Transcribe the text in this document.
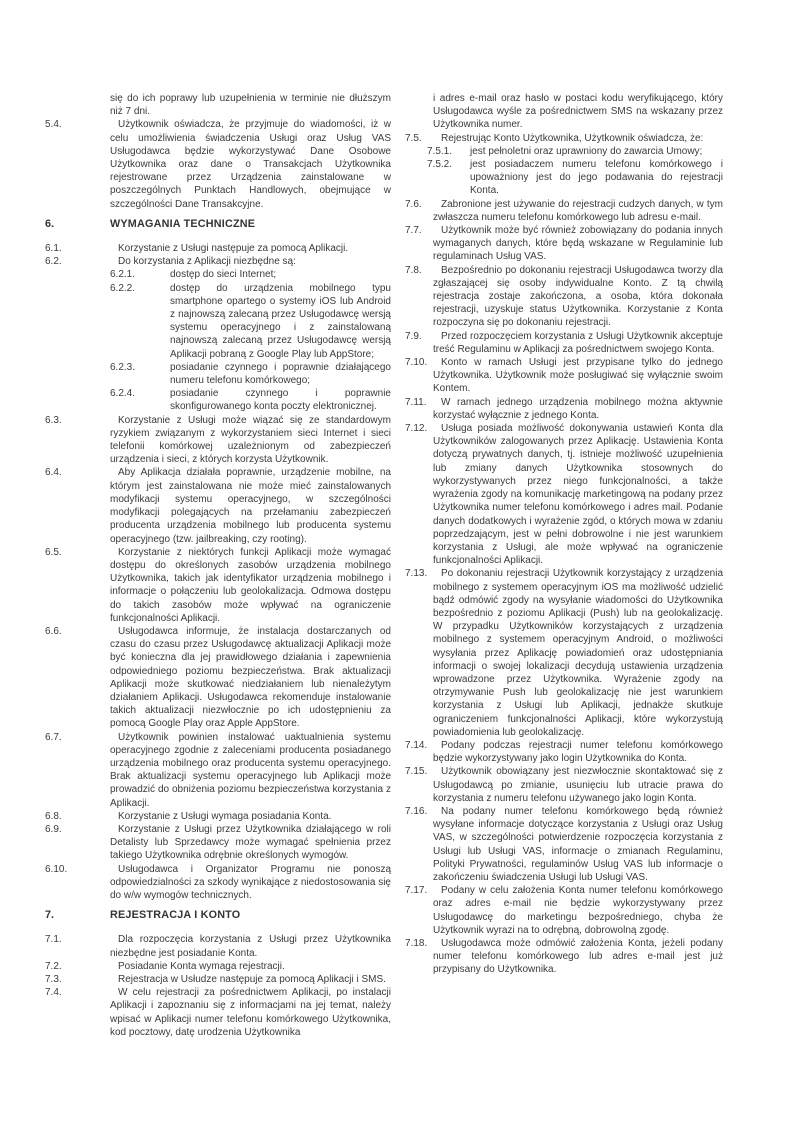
się do ich poprawy lub uzupełnienia w terminie nie dłuższym niż 7 dni.
5.4.	Użytkownik oświadcza, że przyjmuje do wiadomości, iż w celu umożliwienia świadczenia Usługi oraz Usług VAS Usługodawca będzie wykorzystywać Dane Osobowe Użytkownika oraz dane o Transakcjach Użytkownika rejestrowane przez Urządzenia zainstalowane w poszczególnych Punktach Handlowych, obejmujące w szczególności Dane Transakcyjne.
6.	WYMAGANIA TECHNICZNE
6.1.	Korzystanie z Usługi następuje za pomocą Aplikacji.
6.2.	Do korzystania z Aplikacji niezbędne są:
6.2.1.	dostęp do sieci Internet;
6.2.2.	dostęp do urządzenia mobilnego typu smartphone opartego o systemy iOS lub Android z najnowszą zalecaną przez Usługodawcę wersją systemu operacyjnego i z zainstalowaną najnowszą zalecaną przez Usługodawcę wersją Aplikacji pobraną z Google Play lub AppStore;
6.2.3.	posiadanie czynnego i poprawnie działającego numeru telefonu komórkowego;
6.2.4.	posiadanie czynnego i poprawnie skonfigurowanego konta poczty elektronicznej.
6.3.	Korzystanie z Usługi może wiązać się ze standardowym ryzykiem związanym z wykorzystaniem sieci Internet i sieci telefonii komórkowej uzależnionym od zabezpieczeń urządzenia i sieci, z których korzysta Użytkownik.
6.4.	Aby Aplikacja działała poprawnie, urządzenie mobilne, na którym jest zainstalowana nie może mieć zainstalowanych modyfikacji systemu operacyjnego, w szczególności modyfikacji polegających na przełamaniu zabezpieczeń producenta urządzenia mobilnego lub producenta systemu operacyjnego (tzw. jailbreaking, czy rooting).
6.5.	Korzystanie z niektórych funkcji Aplikacji może wymagać dostępu do określonych zasobów urządzenia mobilnego Użytkownika, takich jak identyfikator urządzenia mobilnego i informacje o połączeniu lub geolokalizacja. Odmowa dostępu do takich zasobów może wpływać na ograniczenie funkcjonalności Aplikacji.
6.6.	Usługodawca informuje, że instalacja dostarczanych od czasu do czasu przez Usługodawcę aktualizacji Aplikacji może być konieczna dla jej prawidłowego działania i zapewnienia odpowiedniego poziomu bezpieczeństwa. Brak aktualizacji Aplikacji może skutkować niedziałaniem lub nienależytym działaniem Aplikacji. Usługodawca rekomenduje instalowanie takich aktualizacji niezwłocznie po ich udostępnieniu za pomocą Google Play oraz Apple AppStore.
6.7.	Użytkownik powinien instalować uaktualnienia systemu operacyjnego zgodnie z zaleceniami producenta posiadanego urządzenia mobilnego oraz producenta systemu operacyjnego. Brak aktualizacji systemu operacyjnego lub Aplikacji może prowadzić do obniżenia poziomu bezpieczeństwa korzystania z Aplikacji.
6.8.	Korzystanie z Usługi wymaga posiadania Konta.
6.9.	Korzystanie z Usługi przez Użytkownika działającego w roli Detalisty lub Sprzedawcy może wymagać spełnienia przez takiego Użytkownika odrębnie określonych wymogów.
6.10.	Usługodawca i Organizator Programu nie ponoszą odpowiedzialności za szkody wynikające z niedostosowania się do w/w wymogów technicznych.
7.	REJESTRACJA I KONTO
7.1.	Dla rozpoczęcia korzystania z Usługi przez Użytkownika niezbędne jest posiadanie Konta.
7.2.	Posiadanie Konta wymaga rejestracji.
7.3.	Rejestracja w Usłudze następuje za pomocą Aplikacji i SMS.
7.4.	W celu rejestracji za pośrednictwem Aplikacji, po instalacji Aplikacji i zapoznaniu się z informacjami na jej temat, należy wpisać w Aplikacji numer telefonu komórkowego Użytkownika, kod pocztowy, datę urodzenia Użytkownika
i adres e-mail oraz hasło w postaci kodu weryfikującego, który Usługodawca wyśle za pośrednictwem SMS na wskazany przez Użytkownika numer.
7.5.	Rejestrując Konto Użytkownika, Użytkownik oświadcza, że:
7.5.1.	jest pełnoletni oraz uprawniony do zawarcia Umowy;
7.5.2.	jest posiadaczem numeru telefonu komórkowego i upoważniony jest do jego podawania do rejestracji Konta.
7.6.	Zabronione jest używanie do rejestracji cudzych danych, w tym zwłaszcza numeru telefonu komórkowego lub adresu e-mail.
7.7.	Użytkownik może być również zobowiązany do podania innych wymaganych danych, które będą wskazane w Regulaminie lub regulaminach Usług VAS.
7.8.	Bezpośrednio po dokonaniu rejestracji Usługodawca tworzy dla zgłaszającej się osoby indywidualne Konto. Z tą chwilą rejestracja zostaje zakończona, a osoba, która dokonała rejestracji, uzyskuje status Użytkownika. Korzystanie z Konta rozpoczyna się po dokonaniu rejestracji.
7.9.	Przed rozpoczęciem korzystania z Usługi Użytkownik akceptuje treść Regulaminu w Aplikacji za pośrednictwem swojego Konta.
7.10.	Konto w ramach Usługi jest przypisane tylko do jednego Użytkownika. Użytkownik może posługiwać się wyłącznie swoim Kontem.
7.11.	W ramach jednego urządzenia mobilnego można aktywnie korzystać wyłącznie z jednego Konta.
7.12.	Usługa posiada możliwość dokonywania ustawień Konta dla Użytkowników zalogowanych przez Aplikację. Ustawienia Konta dotyczą prywatnych danych, tj. istnieje możliwość uzupełnienia lub zmiany danych Użytkownika stosownych do wykorzystywanych przez niego funkcjonalności, a także wyrażenia zgody na komunikację marketingową na podany przez Użytkownika numer telefonu komórkowego i adres mail. Podanie danych dodatkowych i wyrażenie zgód, o których mowa w zdaniu poprzedzającym, jest w pełni dobrowolne i nie jest warunkiem korzystania z Usługi, ale może wpływać na ograniczenie funkcjonalności Aplikacji.
7.13.	Po dokonaniu rejestracji Użytkownik korzystający z urządzenia mobilnego z systemem operacyjnym iOS ma możliwość udzielić bądź odmówić zgody na wysyłanie wiadomości do Użytkownika bezpośrednio z poziomu Aplikacji (Push) lub na geolokalizację. W przypadku Użytkowników korzystających z urządzenia mobilnego z systemem operacyjnym Android, o możliwości wysyłania przez Aplikację powiadomień oraz udostępniania informacji o swojej lokalizacji decydują ustawienia urządzenia wprowadzone przez Użytkownika. Wyrażenie zgody na otrzymywanie Push lub geolokalizację nie jest warunkiem korzystania z Usługi lub Aplikacji, jednakże skutkuje ograniczeniem funkcjonalności Aplikacji, które wykorzystują powiadomienia lub geolokalizację.
7.14.	Podany podczas rejestracji numer telefonu komórkowego będzie wykorzystywany jako login Użytkownika do Konta.
7.15.	Użytkownik obowiązany jest niezwłocznie skontaktować się z Usługodawcą po zmianie, usunięciu lub utracie prawa do korzystania z numeru telefonu używanego jako login Konta.
7.16.	Na podany numer telefonu komórkowego będą również wysyłane informacje dotyczące korzystania z Usługi oraz Usług VAS, w szczególności potwierdzenie rozpoczęcia korzystania z Usługi lub Usługi VAS, informacje o zmianach Regulaminu, Polityki Prywatności, regulaminów Usług VAS lub informacje o zakończeniu świadczenia Usługi lub Usługi VAS.
7.17.	Podany w celu założenia Konta numer telefonu komórkowego oraz adres e-mail nie będzie wykorzystywany przez Usługodawcę do marketingu bezpośredniego, chyba że Użytkownik wyrazi na to odrębną, dobrowolną zgodę.
7.18.	Usługodawca może odmówić założenia Konta, jeżeli podany numer telefonu komórkowego lub adres e-mail jest już przypisany do Użytkownika.
